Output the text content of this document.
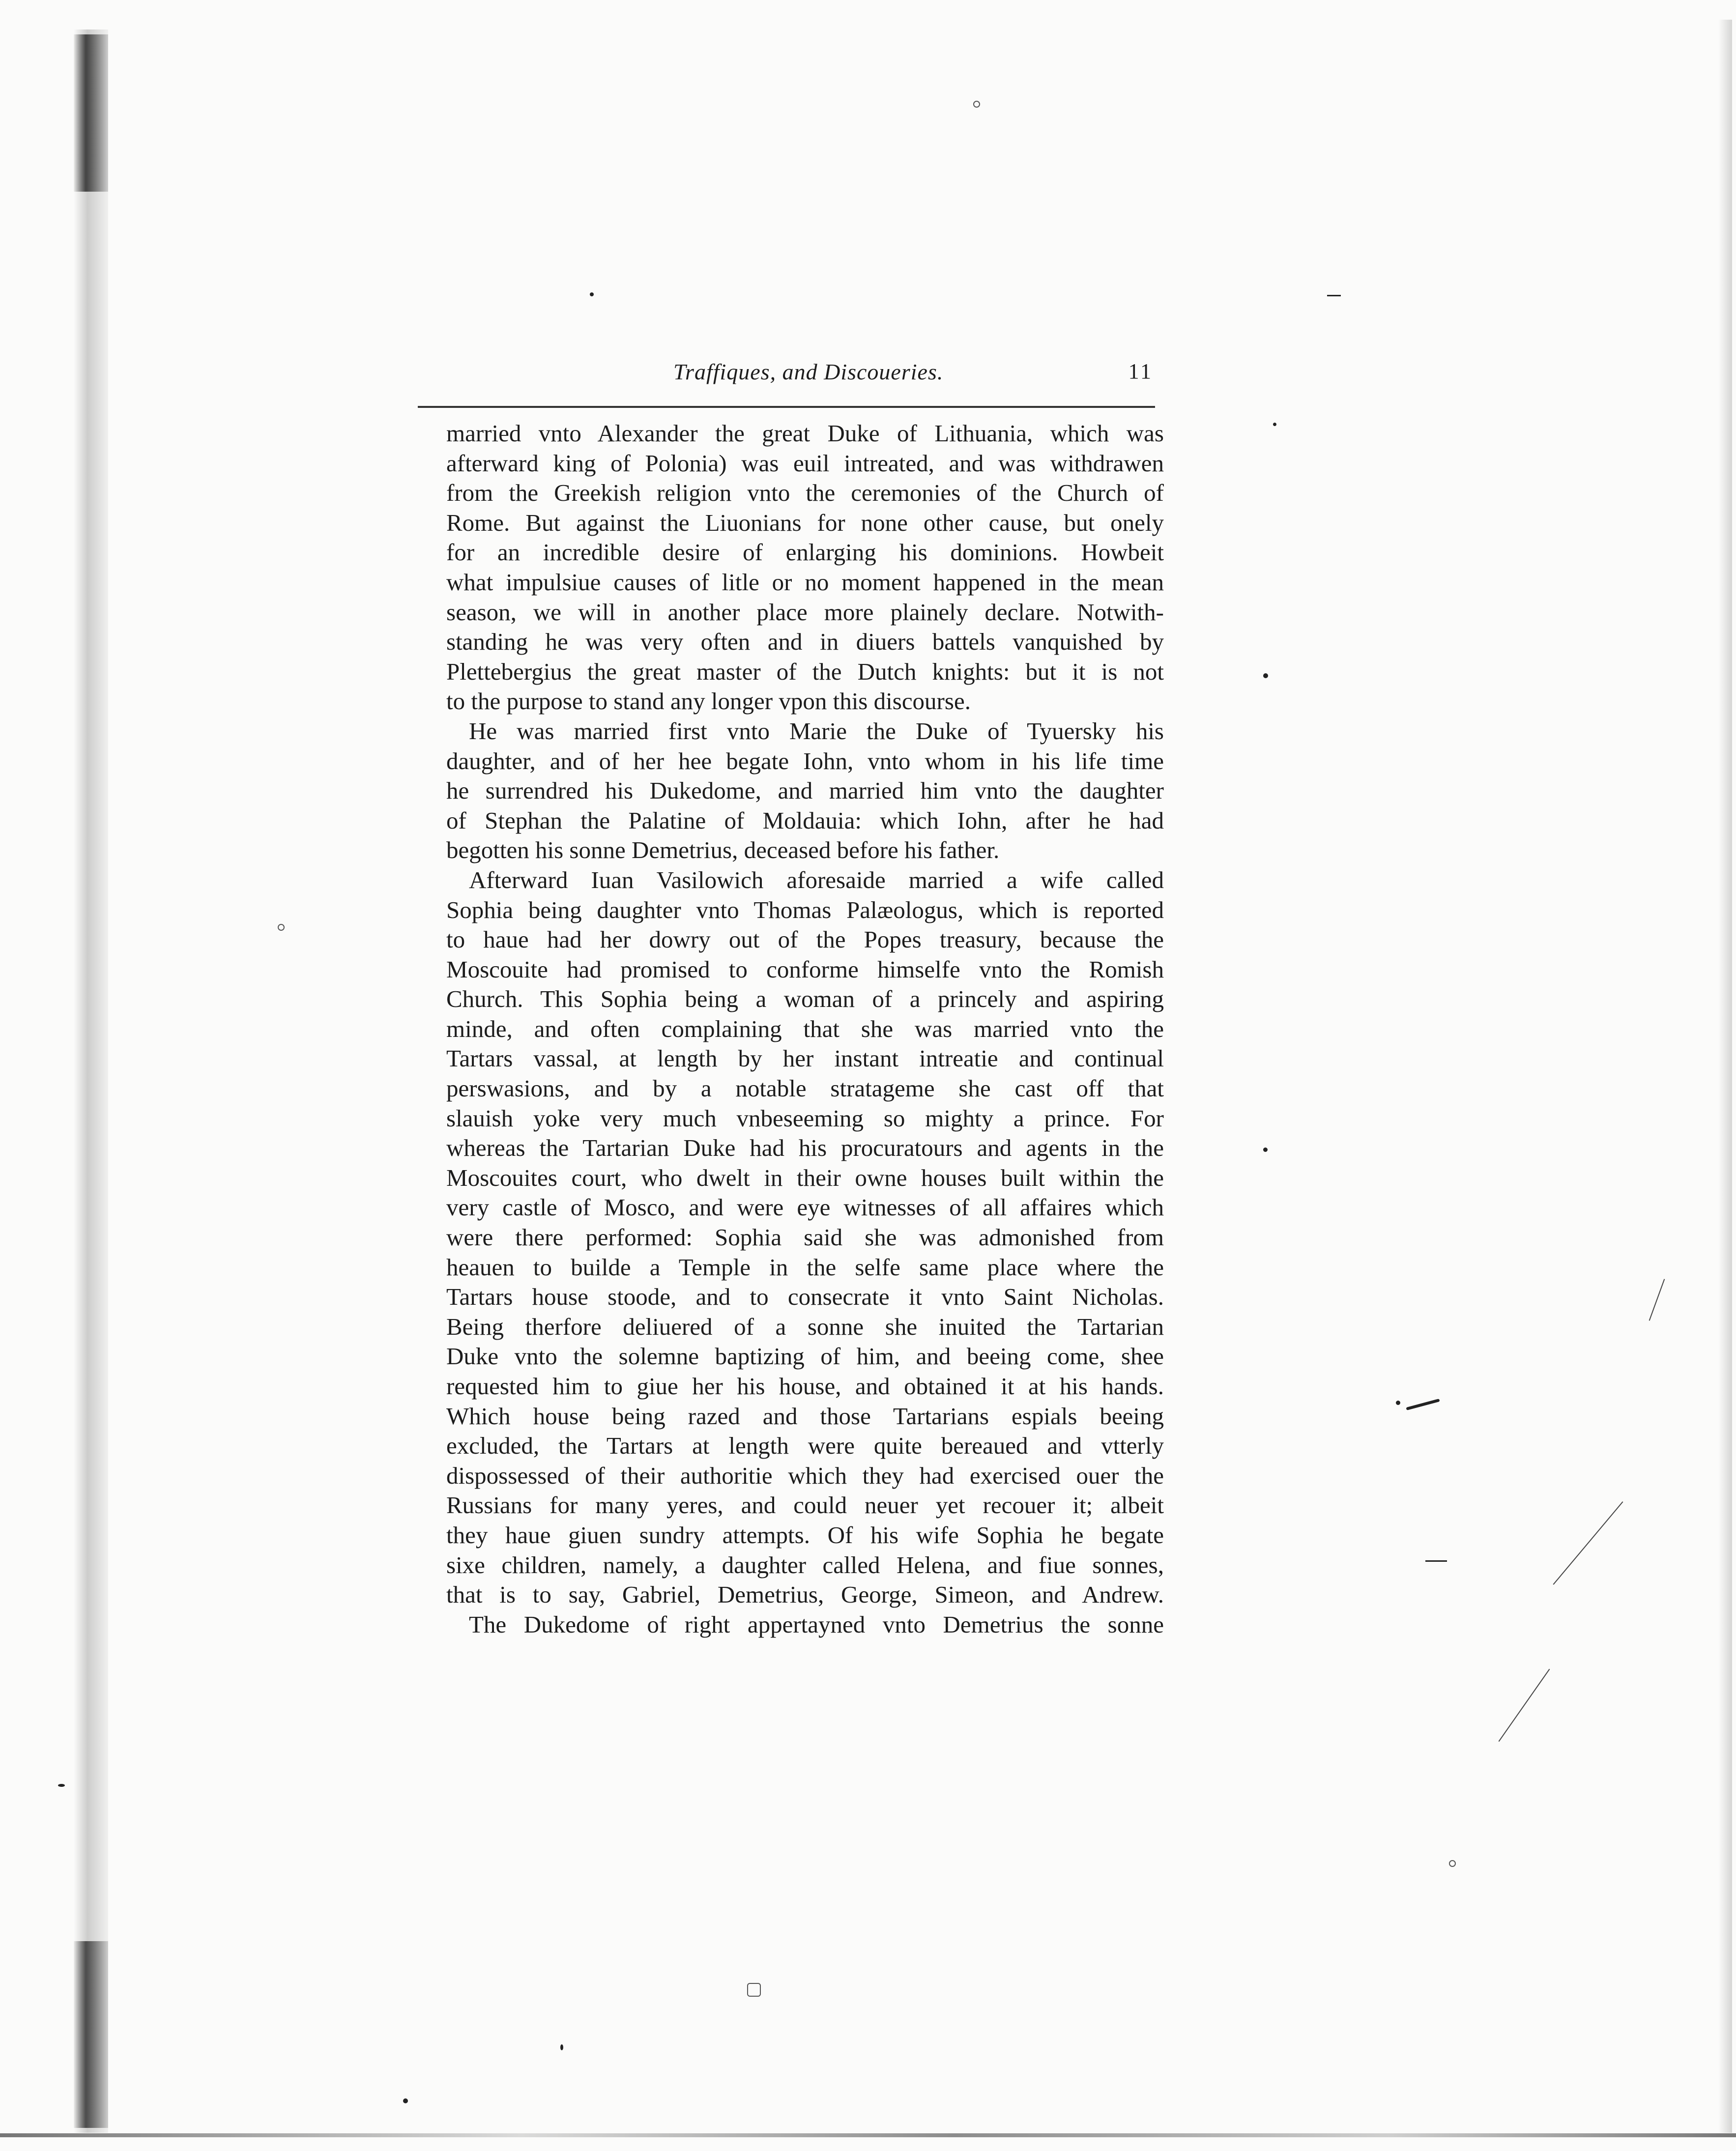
Traffiques, and Discoueries.	11
married vnto Alexander the great Duke of Lithuania, which was
afterward king of Polonia) was euil intreated, and was withdrawen
from the Greekish religion vnto the ceremonies of the Church of
Rome. But against the Liuonians for none other cause, but onely
for an incredible desire of enlarging his dominions. Howbeit
what impulsiue causes of litle or no moment happened in the mean
season, we will in another place more plainely declare. Notwith-
standing he was very often and in diuers battels vanquished by
Plettebergius the great master of the Dutch knights: but it is not
to the purpose to stand any longer vpon this discourse.
He was married first vnto Marie the Duke of Tyuersky his
daughter, and of her hee begate Iohn, vnto whom in his life time
he surrendred his Dukedome, and married him vnto the daughter
of Stephan the Palatine of Moldauia: which Iohn, after he had
begotten his sonne Demetrius, deceased before his father.
Afterward Iuan Vasilowich aforesaide married a wife called
Sophia being daughter vnto Thomas Palæologus, which is reported
to haue had her dowry out of the Popes treasury, because the
Moscouite had promised to conforme himselfe vnto the Romish
Church. This Sophia being a woman of a princely and aspiring
minde, and often complaining that she was married vnto the
Tartars vassal, at length by her instant intreatie and continual
perswasions, and by a notable stratageme she cast off that
slauish yoke very much vnbeseeming so mighty a prince. For
whereas the Tartarian Duke had his procuratours and agents in the
Moscouites court, who dwelt in their owne houses built within the
very castle of Mosco, and were eye witnesses of all affaires which
were there performed: Sophia said she was admonished from
heauen to builde a Temple in the selfe same place where the
Tartars house stoode, and to consecrate it vnto Saint Nicholas.
Being therfore deliuered of a sonne she inuited the Tartarian
Duke vnto the solemne baptizing of him, and beeing come, shee
requested him to giue her his house, and obtained it at his hands.
Which house being razed and those Tartarians espials beeing
excluded, the Tartars at length were quite bereaued and vtterly
dispossessed of their authoritie which they had exercised ouer the
Russians for many yeres, and could neuer yet recouer it; albeit
they haue giuen sundry attempts. Of his wife Sophia he begate
sixe children, namely, a daughter called Helena, and fiue sonnes,
that is to say, Gabriel, Demetrius, George, Simeon, and Andrew.
The Dukedome of right appertayned vnto Demetrius the sonne
